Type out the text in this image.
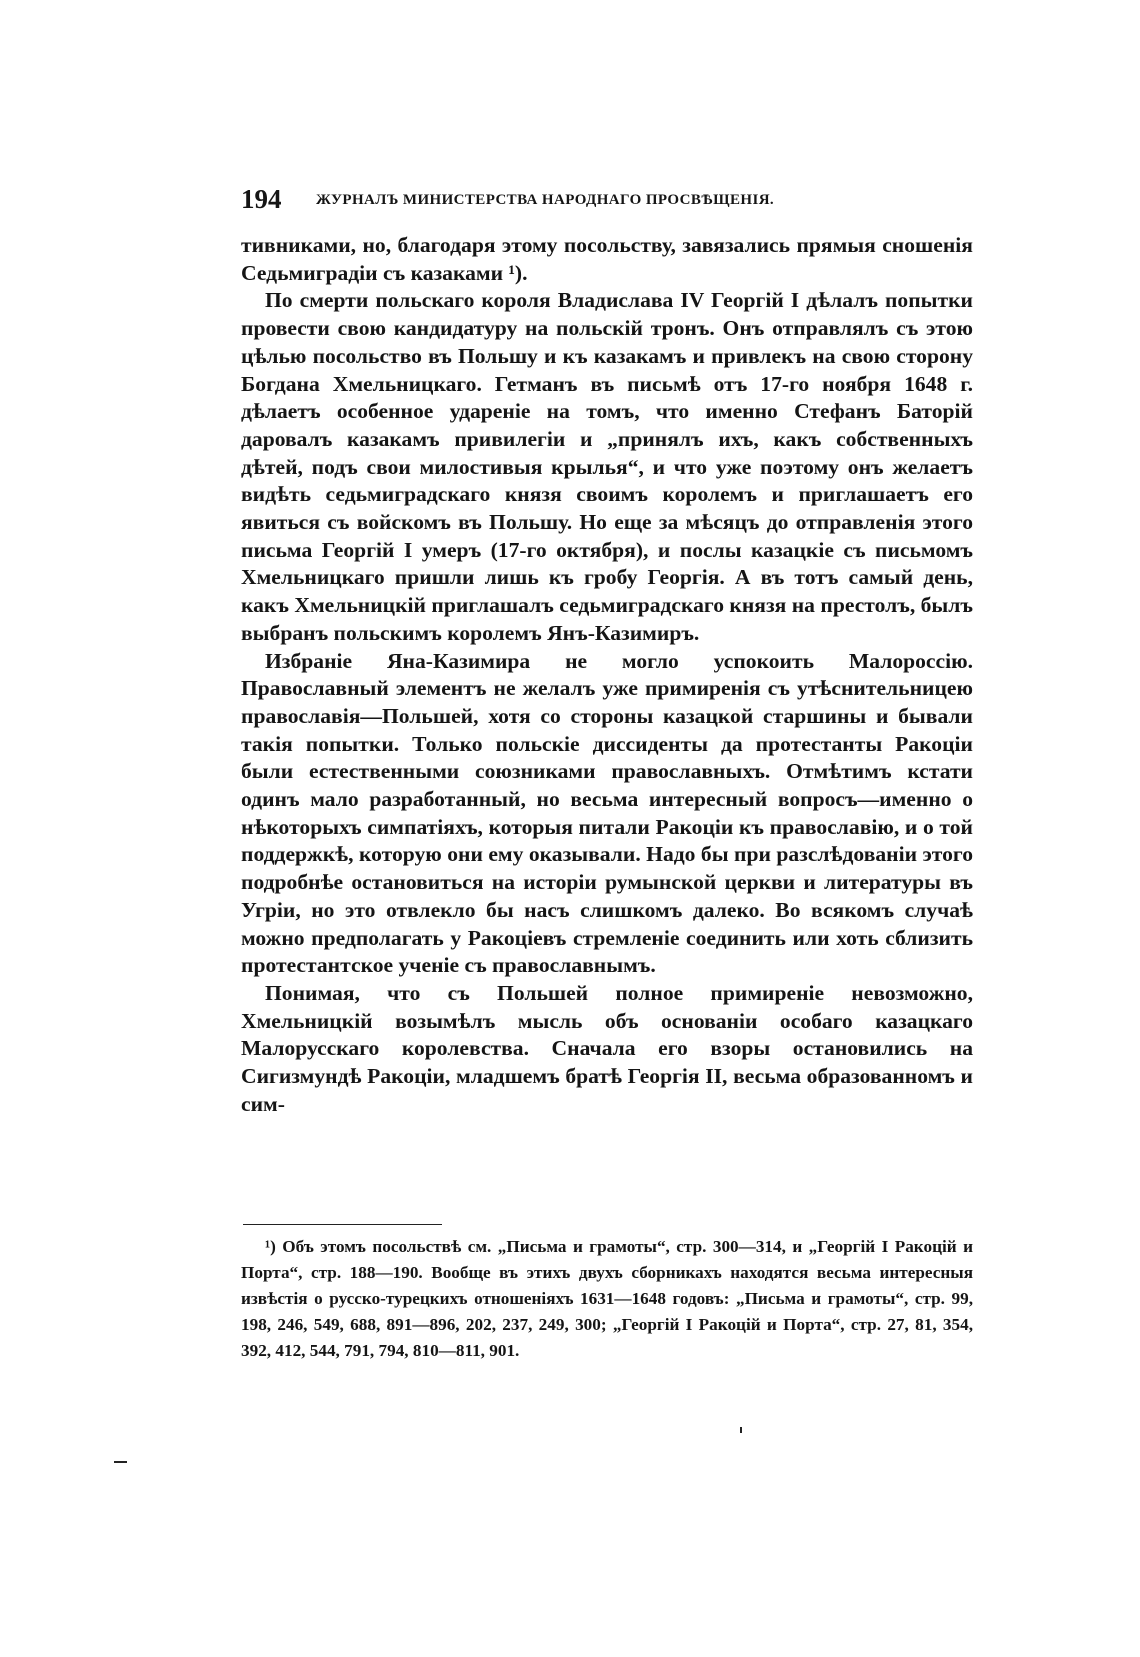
194 ЖУРНАЛЪ МИНИСТЕРСТВА НАРОДНАГО ПРОСВѢЩЕНІЯ.

тивниками, но, благодаря этому посольству, завязались прямыя сношенія Седьмиградіи съ казаками ¹).

По смерти польскаго короля Владислава IV Георгій I дѣлалъ попытки провести свою кандидатуру на польскій тронъ. Онъ отправлялъ съ этою цѣлью посольство въ Польшу и къ казакамъ и привлекъ на свою сторону Богдана Хмельницкаго. Гетманъ въ письмѣ отъ 17-го ноября 1648 г. дѣлаетъ особенное удареніе на томъ, что именно Стефанъ Баторій даровалъ казакамъ привилегіи и „принялъ ихъ, какъ собственныхъ дѣтей, подъ свои милостивыя крылья“, и что уже поэтому онъ желаетъ видѣть седьмиградскаго князя своимъ королемъ и приглашаетъ его явиться съ войскомъ въ Польшу. Но еще за мѣсяцъ до отправленія этого письма Георгій I умеръ (17-го октября), и послы казацкіе съ письмомъ Хмельницкаго пришли лишь къ гробу Георгія. А въ тотъ самый день, какъ Хмельницкій приглашалъ седьмиградскаго князя на престолъ, былъ выбранъ польскимъ королемъ Янъ-Казимиръ.

Избраніе Яна-Казимира не могло успокоить Малороссію. Православный элементъ не желалъ уже примиренія съ утѣснительницею православія—Польшей, хотя со стороны казацкой старшины и бывали такія попытки. Только польскіе диссиденты да протестанты Ракоціи были естественными союзниками православныхъ. Отмѣтимъ кстати одинъ мало разработанный, но весьма интересный вопросъ—именно о нѣкоторыхъ симпатіяхъ, которыя питали Ракоціи къ православію, и о той поддержкѣ, которую они ему оказывали. Надо бы при разслѣдованіи этого подробнѣе остановиться на исторіи румынской церкви и литературы въ Угріи, но это отвлекло бы насъ слишкомъ далеко. Во всякомъ случаѣ можно предполагать у Ракоціевъ стремленіе соединить или хоть сблизить протестантское ученіе съ православнымъ.

Понимая, что съ Польшей полное примиреніе невозможно, Хмельницкій возымѣлъ мысль объ основаніи особаго казацкаго Малорусскаго королевства. Сначала его взоры остановились на Сигизмундѣ Ракоціи, младшемъ братѣ Георгія II, весьма образованномъ и сим-

¹) Объ этомъ посольствѣ см. „Письма и грамоты“, стр. 300—314, и „Георгій I Ракоцій и Порта“, стр. 188—190. Вообще въ этихъ двухъ сборникахъ находятся весьма интересныя извѣстія о русско-турецкихъ отношеніяхъ 1631—1648 годовъ: „Письма и грамоты“, стр. 99, 198, 246, 549, 688, 891—896, 202, 237, 249, 300; „Георгій I Ракоцій и Порта“, стр. 27, 81, 354, 392, 412, 544, 791, 794, 810—811, 901.
